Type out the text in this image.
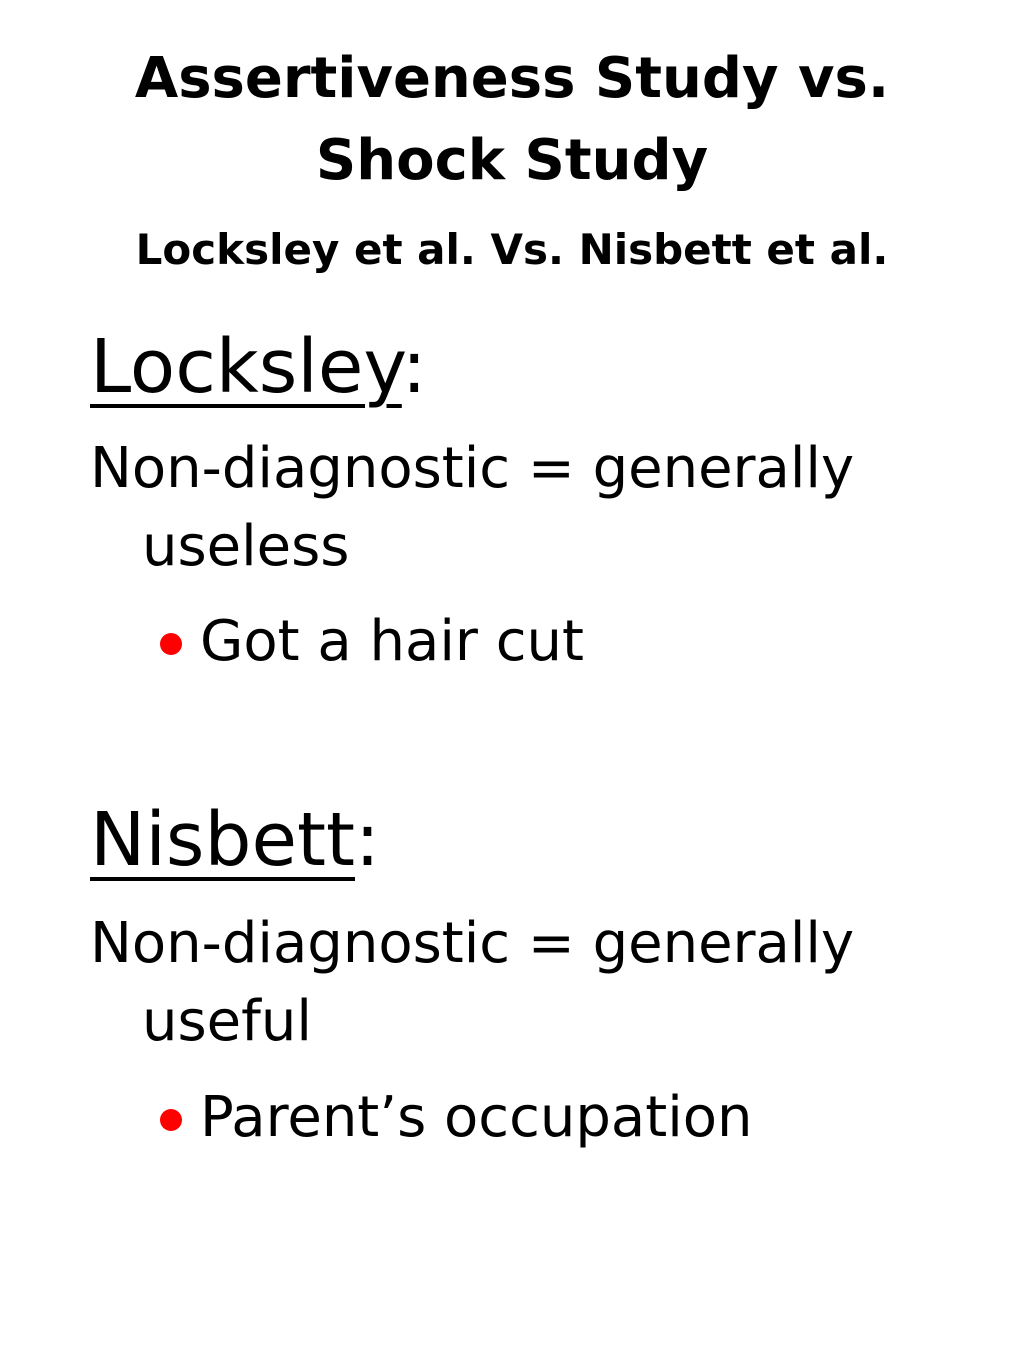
Assertiveness Study vs.
Shock Study
Locksley et al. Vs. Nisbett et al.
Locksley:

Non-diagnostic = generally useless

Got a hair cut
Nisbett:

Non-diagnostic = generally useful

Parent’s occupation
